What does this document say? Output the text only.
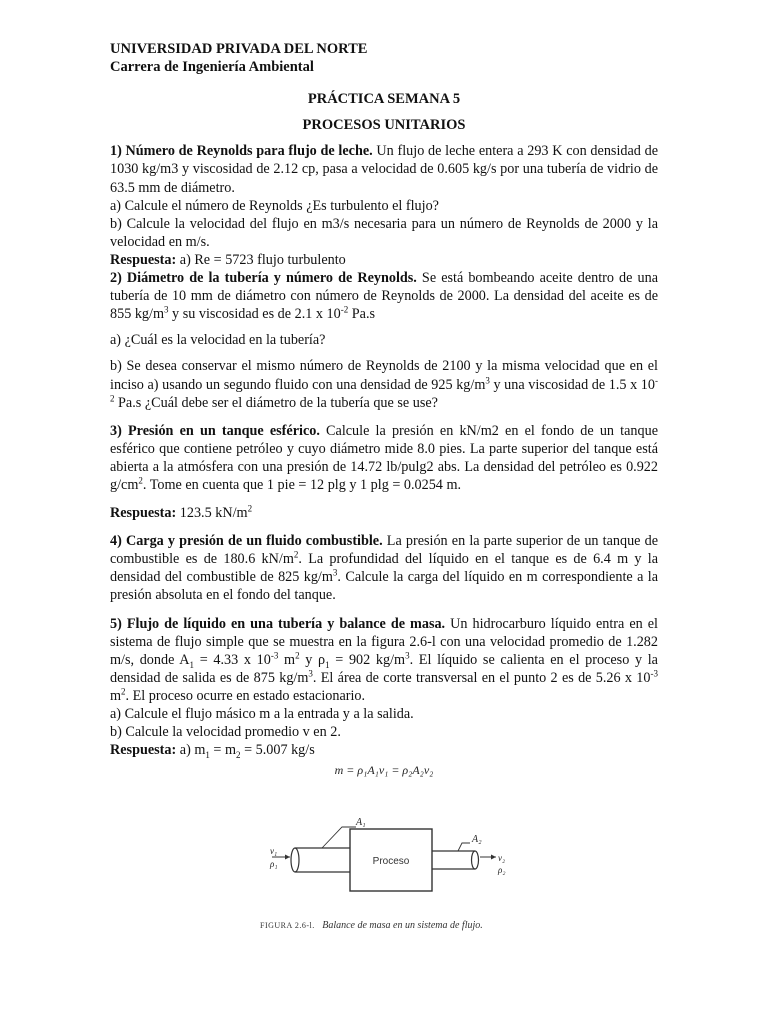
UNIVERSIDAD PRIVADA DEL NORTE
Carrera de Ingeniería Ambiental
PRÁCTICA SEMANA 5
PROCESOS UNITARIOS
1) Número de Reynolds para flujo de leche. Un flujo de leche entera a 293 K con densidad de 1030 kg/m3 y viscosidad de 2.12 cp, pasa a velocidad de 0.605 kg/s por una tubería de vidrio de 63.5 mm de diámetro.
a) Calcule el número de Reynolds ¿Es turbulento el flujo?
b) Calcule la velocidad del flujo en m3/s necesaria para un número de Reynolds de 2000 y la velocidad en m/s.
Respuesta: a) Re = 5723 flujo turbulento
2) Diámetro de la tubería y número de Reynolds. Se está bombeando aceite dentro de una tubería de 10 mm de diámetro con número de Reynolds de 2000. La densidad del aceite es de 855 $kg/m^3$ y su viscosidad es de 2.1 x $10^{-2}$ Pa.s
a) ¿Cuál es la velocidad en la tubería?
b) Se desea conservar el mismo número de Reynolds de 2100 y la misma velocidad que en el inciso a) usando un segundo fluido con una densidad de 925 $kg/m^3$ y una viscosidad de 1.5 x $10^{-2}$ Pa.s ¿Cuál debe ser el diámetro de la tubería que se use?
3) Presión en un tanque esférico. Calcule la presión en kN/m2 en el fondo de un tanque esférico que contiene petróleo y cuyo diámetro mide 8.0 pies. La parte superior del tanque está abierta a la atmósfera con una presión de 14.72 lb/pulg2 abs. La densidad del petróleo es 0.922 $g/cm^2$. Tome en cuenta que 1 pie = 12 plg y 1 plg = 0.0254 m.
Respuesta: 123.5 $kN/m^2$
4) Carga y presión de un fluido combustible. La presión en la parte superior de un tanque de combustible es de 180.6 $kN/m^2$. La profundidad del líquido en el tanque es de 6.4 m y la densidad del combustible de 825 $kg/m^3$. Calcule la carga del líquido en m correspondiente a la presión absoluta en el fondo del tanque.
5) Flujo de líquido en una tubería y balance de masa. Un hidrocarburo líquido entra en el sistema de flujo simple que se muestra en la figura 2.6-l con una velocidad promedio de 1.282 m/s, donde $A_1 = 4.33$ x $10^{-3}$ $m^2$ y $\rho_1 = 902$ $kg/m^3$. El líquido se calienta en el proceso y la densidad de salida es de 875 $kg/m^3$. El área de corte transversal en el punto 2 es de 5.26 x $10^{-3}$ $m^2$. El proceso ocurre en estado estacionario.
a) Calcule el flujo másico m a la entrada y a la salida.
b) Calcule la velocidad promedio v en 2.
Respuesta: a) $m_1 = m_2 = 5.007$ kg/s
m = ρ₁A₁v₁ = ρ₂A₂v₂
A₁
A₂
v₁
ρ₁
v₂
ρ₂
Proceso
FIGURA 2.6-l. Balance de masa en un sistema de flujo.
